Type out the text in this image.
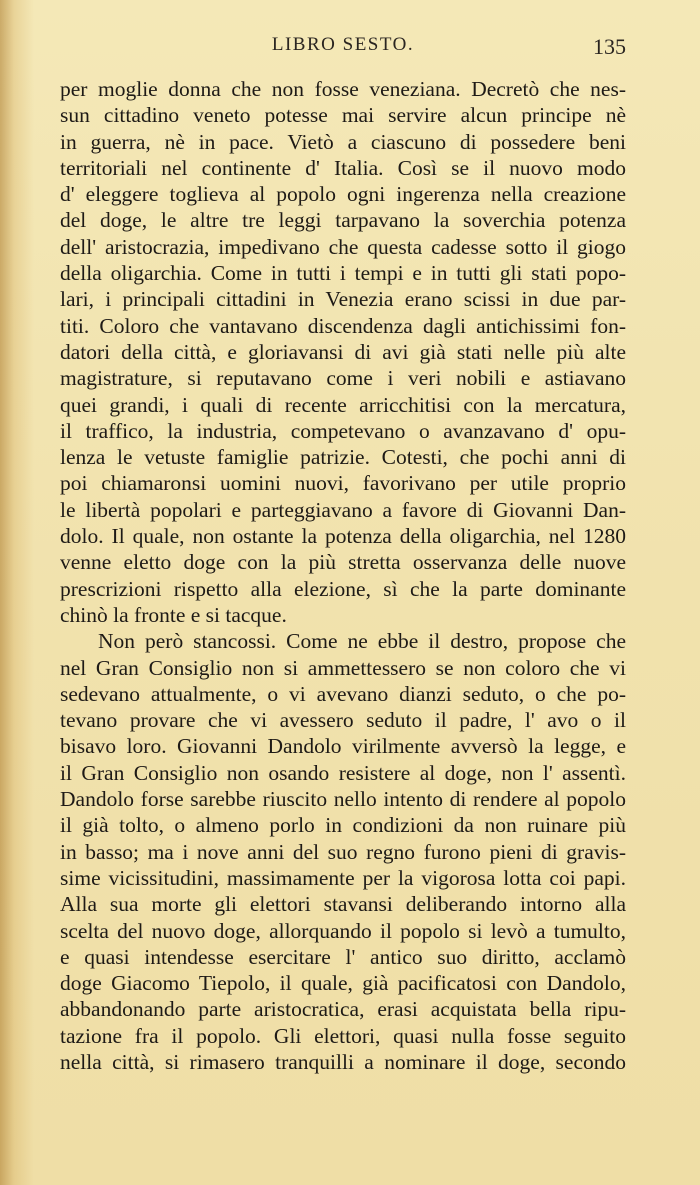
LIBRO SESTO.	135
per moglie donna che non fosse veneziana. Decretò che nes-
sun cittadino veneto potesse mai servire alcun principe nè
in guerra, nè in pace. Vietò a ciascuno di possedere beni
territoriali nel continente d' Italia. Così se il nuovo modo
d' eleggere toglieva al popolo ogni ingerenza nella creazione
del doge, le altre tre leggi tarpavano la soverchia potenza
dell' aristocrazia, impedivano che questa cadesse sotto il giogo
della oligarchia. Come in tutti i tempi e in tutti gli stati popo-
lari, i principali cittadini in Venezia erano scissi in due par-
titi. Coloro che vantavano discendenza dagli antichissimi fon-
datori della città, e gloriavansi di avi già stati nelle più alte
magistrature, si reputavano come i veri nobili e astiavano
quei grandi, i quali di recente arricchitisi con la mercatura,
il traffico, la industria, competevano o avanzavano d' opu-
lenza le vetuste famiglie patrizie. Cotesti, che pochi anni di
poi chiamaronsi uomini nuovi, favorivano per utile proprio
le libertà popolari e parteggiavano a favore di Giovanni Dan-
dolo. Il quale, non ostante la potenza della oligarchia, nel 1280
venne eletto doge con la più stretta osservanza delle nuove
prescrizioni rispetto alla elezione, sì che la parte dominante
chinò la fronte e si tacque.
Non però stancossi. Come ne ebbe il destro, propose che
nel Gran Consiglio non si ammettessero se non coloro che vi
sedevano attualmente, o vi avevano dianzi seduto, o che po-
tevano provare che vi avessero seduto il padre, l' avo o il
bisavo loro. Giovanni Dandolo virilmente avversò la legge, e
il Gran Consiglio non osando resistere al doge, non l' assentì.
Dandolo forse sarebbe riuscito nello intento di rendere al popolo
il già tolto, o almeno porlo in condizioni da non ruinare più
in basso; ma i nove anni del suo regno furono pieni di gravis-
sime vicissitudini, massimamente per la vigorosa lotta coi papi.
Alla sua morte gli elettori stavansi deliberando intorno alla
scelta del nuovo doge, allorquando il popolo si levò a tumulto,
e quasi intendesse esercitare l' antico suo diritto, acclamò
doge Giacomo Tiepolo, il quale, già pacificatosi con Dandolo,
abbandonando parte aristocratica, erasi acquistata bella ripu-
tazione fra il popolo. Gli elettori, quasi nulla fosse seguito
nella città, si rimasero tranquilli a nominare il doge, secondo
